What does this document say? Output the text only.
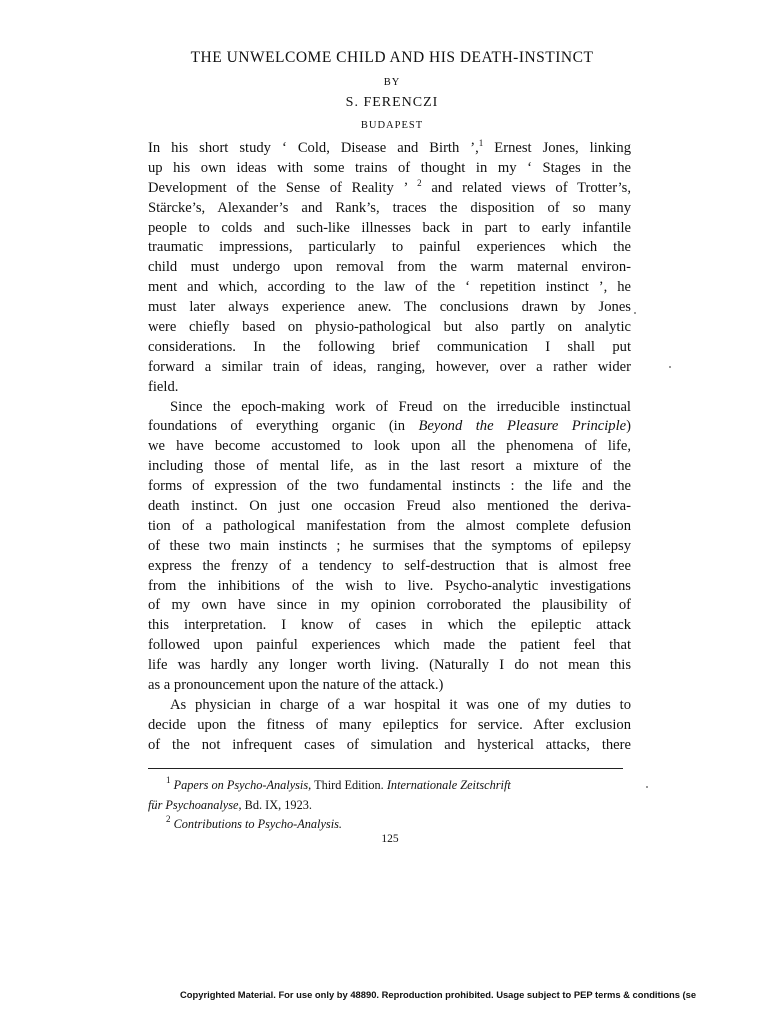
THE UNWELCOME CHILD AND HIS DEATH-INSTINCT
BY
S. FERENCZI
BUDAPEST
In his short study ‘ Cold, Disease and Birth ’,$^1$ Ernest Jones, linking
up his own ideas with some trains of thought in my ‘ Stages in the
Development of the Sense of Reality ’ $^2$ and related views of Trotter’s,
Stärcke’s, Alexander’s and Rank’s, traces the disposition of so many
people to colds and such-like illnesses back in part to early infantile
traumatic impressions, particularly to painful experiences which the
child must undergo upon removal from the warm maternal environ-
ment and which, according to the law of the ‘ repetition instinct ’, he
must later always experience anew. The conclusions drawn by Jones
were chiefly based on physio-pathological but also partly on analytic
considerations. In the following brief communication I shall put
forward a similar train of ideas, ranging, however, over a rather wider
field.
Since the epoch-making work of Freud on the irreducible instinctual
foundations of everything organic (in Beyond the Pleasure Principle)
we have become accustomed to look upon all the phenomena of life,
including those of mental life, as in the last resort a mixture of the
forms of expression of the two fundamental instincts : the life and the
death instinct. On just one occasion Freud also mentioned the deriva-
tion of a pathological manifestation from the almost complete defusion
of these two main instincts ; he surmises that the symptoms of epilepsy
express the frenzy of a tendency to self-destruction that is almost free
from the inhibitions of the wish to live. Psycho-analytic investigations
of my own have since in my opinion corroborated the plausibility of
this interpretation. I know of cases in which the epileptic attack
followed upon painful experiences which made the patient feel that
life was hardly any longer worth living. (Naturally I do not mean this
as a pronouncement upon the nature of the attack.)
As physician in charge of a war hospital it was one of my duties to
decide upon the fitness of many epileptics for service. After exclusion
of the not infrequent cases of simulation and hysterical attacks, there
$^1$ Papers on Psycho-Analysis, Third Edition. Internationale Zeitschrift
für Psychoanalyse, Bd. IX, 1923.
$^2$ Contributions to Psycho-Analysis.
125
Copyrighted Material. For use only by 48890. Reproduction prohibited. Usage subject to PEP terms & conditions (se
